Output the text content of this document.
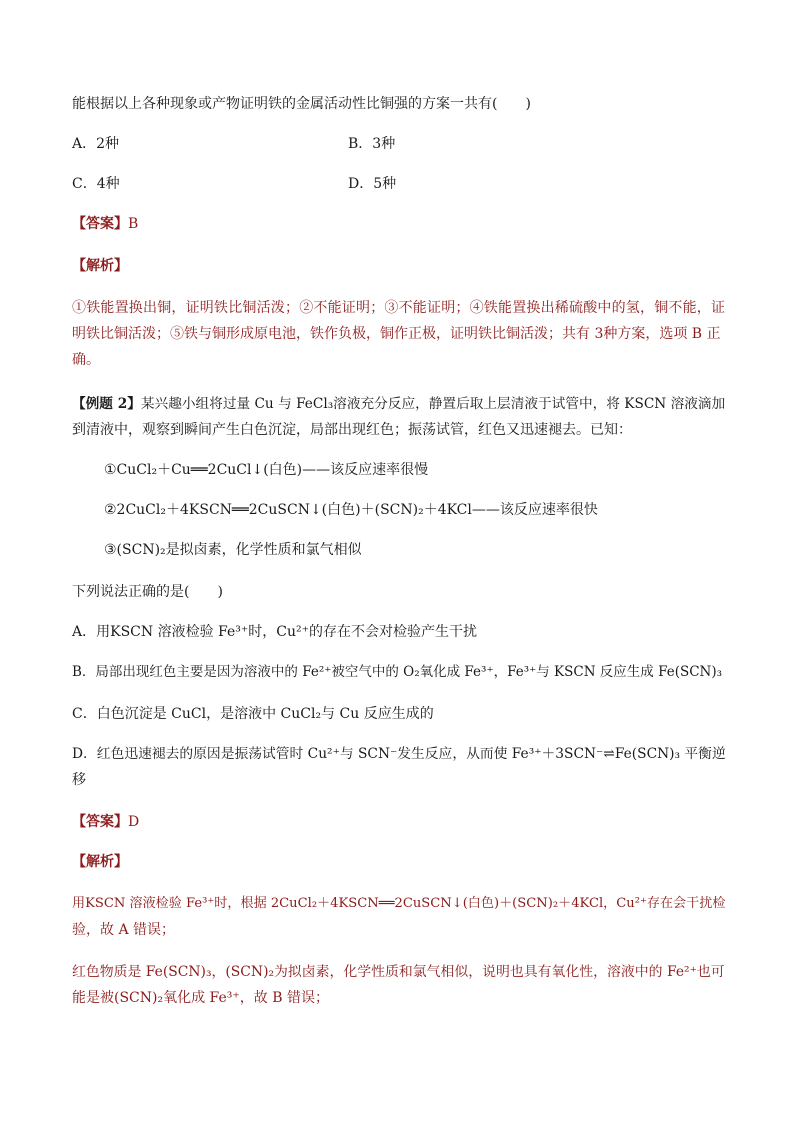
能根据以上各种现象或产物证明铁的金属活动性比铜强的方案一共有(　　)
A．2种	B．3种
C．4种	D．5种
【答案】B
【解析】
①铁能置换出铜，证明铁比铜活泼；②不能证明；③不能证明；④铁能置换出稀硫酸中的氢，铜不能，证
明铁比铜活泼；⑤铁与铜形成原电池，铁作负极，铜作正极，证明铁比铜活泼；共有 3种方案，选项 B 正
确。
【例题 2】某兴趣小组将过量 Cu 与 FeCl₃溶液充分反应，静置后取上层清液于试管中，将 KSCN 溶液滴加
到清液中，观察到瞬间产生白色沉淀，局部出现红色；振荡试管，红色又迅速褪去。已知：
①CuCl₂＋Cu══2CuCl↓(白色)——该反应速率很慢
②2CuCl₂＋4KSCN══2CuSCN↓(白色)＋(SCN)₂＋4KCl——该反应速率很快
③(SCN)₂是拟卤素，化学性质和氯气相似
下列说法正确的是(　　)
A．用KSCN 溶液检验 Fe³⁺时，Cu²⁺的存在不会对检验产生干扰
B．局部出现红色主要是因为溶液中的 Fe²⁺被空气中的 O₂氧化成 Fe³⁺，Fe³⁺与 KSCN 反应生成 Fe(SCN)₃
C．白色沉淀是 CuCl，是溶液中 CuCl₂与 Cu 反应生成的
D．红色迅速褪去的原因是振荡试管时 Cu²⁺与 SCN⁻发生反应，从而使 Fe³⁺＋3SCN⁻⇌Fe(SCN)₃ 平衡逆
移
【答案】D
【解析】
用KSCN 溶液检验 Fe³⁺时，根据 2CuCl₂＋4KSCN══2CuSCN↓(白色)＋(SCN)₂＋4KCl，Cu²⁺存在会干扰检
验，故 A 错误；
红色物质是 Fe(SCN)₃，(SCN)₂为拟卤素，化学性质和氯气相似，说明也具有氧化性，溶液中的 Fe²⁺也可
能是被(SCN)₂氧化成 Fe³⁺，故 B 错误；
